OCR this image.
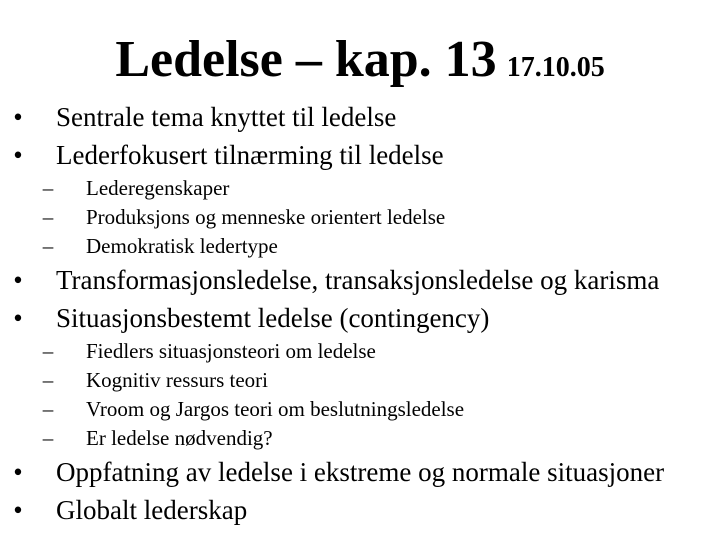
Ledelse – kap. 13 17.10.05
• Sentrale tema knyttet til ledelse
• Lederfokusert tilnærming til ledelse
– Lederegenskaper
– Produksjons og menneske orientert ledelse
– Demokratisk ledertype
• Transformasjonsledelse, transaksjonsledelse og karisma
• Situasjonsbestemt ledelse (contingency)
– Fiedlers situasjonsteori om ledelse
– Kognitiv ressurs teori
– Vroom og Jargos teori om beslutningsledelse
– Er ledelse nødvendig?
• Oppfatning av ledelse i ekstreme og normale situasjoner
• Globalt lederskap
